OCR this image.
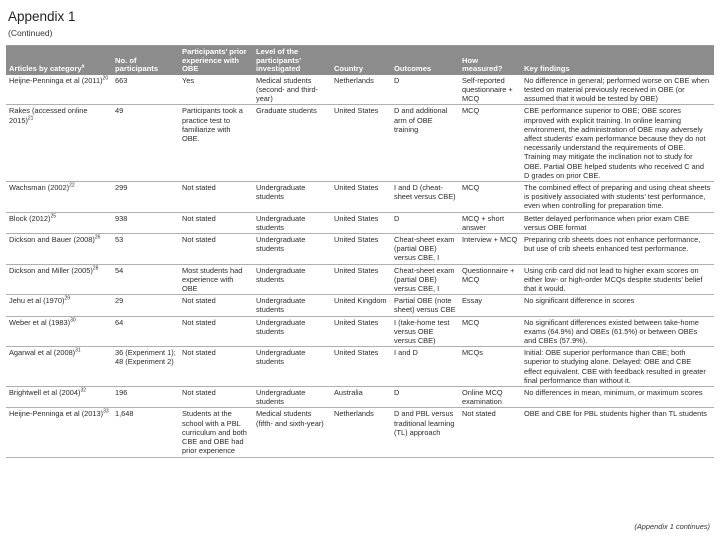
Appendix 1
(Continued)
Articles by category$^a$	No. of participants	Participants’ prior experience with OBE	Level of the participants’ investigated	Country	Outcomes	How measured?	Key findings
Heijne-Penninga et al $(2011)^{20}$	663	Yes	Medical students (second- and third-year)	Netherlands	D	Self-reported questionnaire + MCQ	No difference in general; performed worse on CBE when tested on material previously received in OBE (or assumed that it would be tested by OBE)
Rakes (accessed online 2015)$^{21}$	49	Participants took a practice test to familiarize with OBE.	Graduate students	United States	D and additional arm of OBE training	MCQ	CBE performance superior to OBE; OBE scores improved with explicit training. In online learning environment, the administration of OBE may adversely affect students’ exam performance because they do not necessarily understand the requirements of OBE. Training may mitigate the inclination not to study for OBE. Partial OBE helped students who received C and D grades on prior CBE.
Wachsman $(2002)^{22}$	299	Not stated	Undergraduate students	United States	I and D (cheat-sheet versus CBE)	MCQ	The combined effect of preparing and using cheat sheets is positively associated with students’ test performance, even when controlling for preparation time.
Block $(2012)^{25}$	938	Not stated	Undergraduate students	United States	D	MCQ + short answer	Better delayed performance when prior exam CBE versus OBE format
Dickson and Bauer $(2008)^{26}$	53	Not stated	Undergraduate students	United States	Cheat-sheet exam (partial OBE) versus CBE, I	Interview + MCQ	Preparing crib sheets does not enhance performance, but use of crib sheets enhanced test performance.
Dickson and Miller $(2005)^{28}$	54	Most students had experience with OBE	Undergraduate students	United States	Cheat-sheet exam (partial OBE) versus CBE, I	Questionnaire + MCQ	Using crib card did not lead to higher exam scores on either low- or high-order MCQs despite students’ belief that it would.
Jehu et al $(1970)^{29}$	29	Not stated	Undergraduate students	United Kingdom	Partial OBE (note sheet) versus CBE	Essay	No significant difference in scores
Weber et al $(1983)^{30}$	64	Not stated	Undergraduate students	United States	I (take-home test versus OBE versus CBE)	MCQ	No significant differences existed between take-home exams (64.9%) and OBEs (61.5%) or between OBEs and CBEs (57.9%).
Agarwal et al $(2008)^{31}$	36 (Experiment 1); 48 (Experiment 2)	Not stated	Undergraduate students	United States	I and D	MCQs	Initial: OBE superior performance than CBE; both superior to studying alone. Delayed: OBE and CBE effect equivalent. CBE with feedback resulted in greater final performance than without it.
Brightwell et al $(2004)^{32}$	196	Not stated	Undergraduate students	Australia	D	Online MCQ examination	No differences in mean, minimum, or maximum scores
Heijne-Penninga et al $(2013)^{33}$	1,648	Students at the school with a PBL curriculum and both CBE and OBE had prior experience	Medical students (fifth- and sixth-year)	Netherlands	D and PBL versus traditional learning (TL) approach	Not stated	OBE and CBE for PBL students higher than TL students
(Appendix 1 continues)
